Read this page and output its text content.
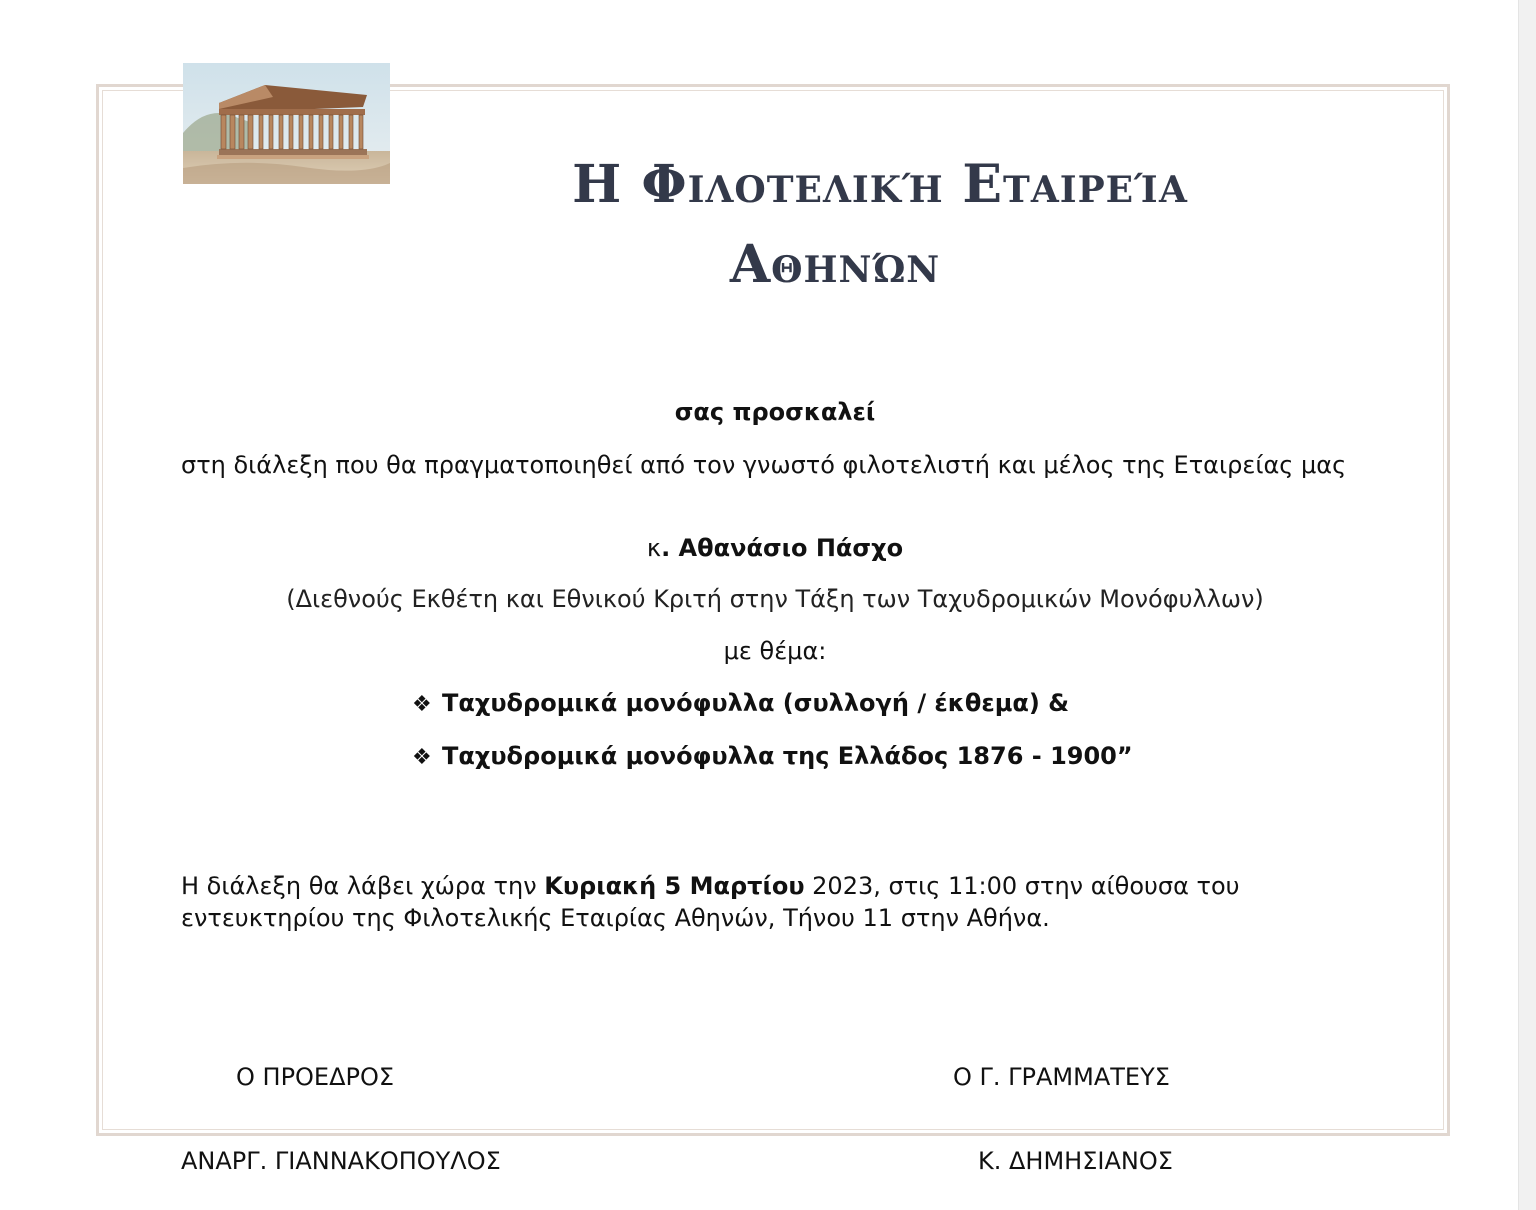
Η Φιλοτελική Εταιρεία
Αθηνών
σας προσκαλεί
στη διάλεξη που θα πραγματοποιηθεί από τον γνωστό φιλοτελιστή και μέλος της Εταιρείας μας
κ. Αθανάσιο Πάσχο
(Διεθνούς Εκθέτη και Εθνικού Κριτή στην Τάξη των Ταχυδρομικών Μονόφυλλων)
με θέμα:
❖ Ταχυδρομικά μονόφυλλα (συλλογή / έκθεμα) &
❖ Ταχυδρομικά μονόφυλλα της Ελλάδος 1876 - 1900”
Η διάλεξη θα λάβει χώρα την Κυριακή 5 Μαρτίου 2023, στις 11:00 στην αίθουσα του εντευκτηρίου της Φιλοτελικής Εταιρίας Αθηνών, Τήνου 11 στην Αθήνα.
Ο ΠΡΟΕΔΡΟΣ	Ο Γ. ΓΡΑΜΜΑΤΕΥΣ
ΑΝΑΡΓ. ΓΙΑΝΝΑΚΟΠΟΥΛΟΣ	Κ. ΔΗΜΗΣΙΑΝΟΣ
